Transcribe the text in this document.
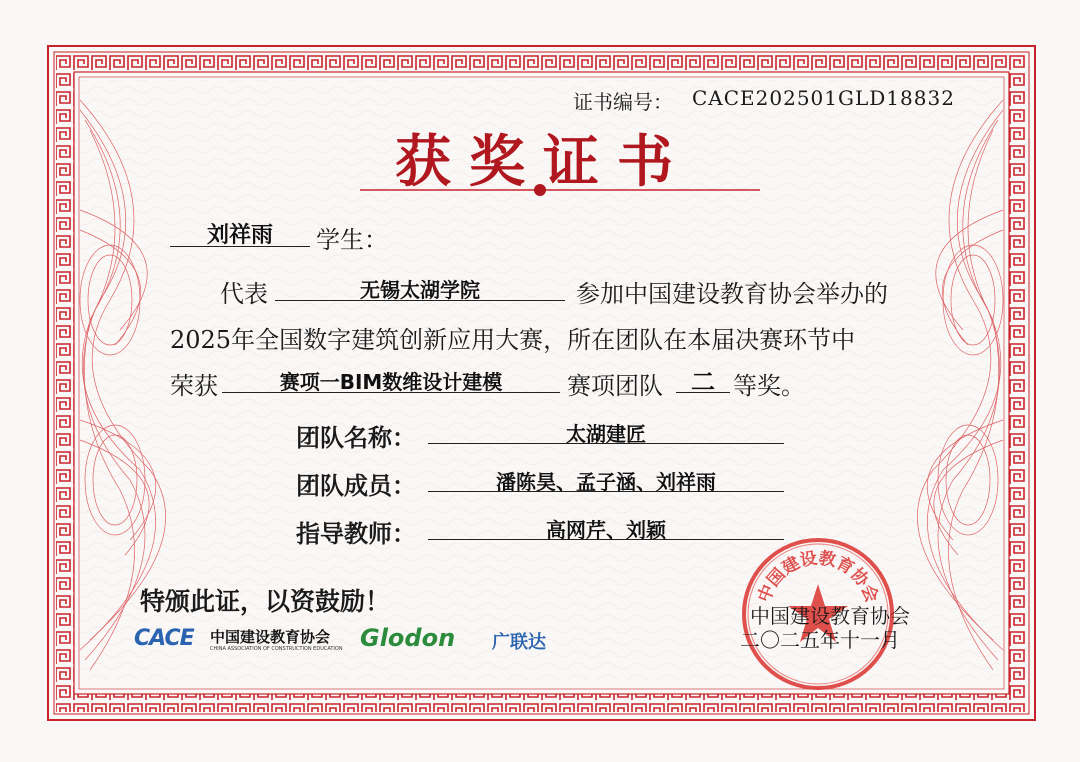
证书编号： CACE202501GLD18832
获奖证书
刘祥雨	学生：
代表	无锡太湖学院	参加中国建设教育协会举办的
2025年全国数字建筑创新应用大赛，所在团队在本届决赛环节中
荣获	赛项一BIM数维设计建模	赛项团队	二 等奖。
团队名称：	太湖建匠
团队成员：	潘陈昊、孟子涵、刘祥雨
指导教师：	高网芹、刘颖
特颁此证，以资鼓励！
CACE 中国建设教育协会
CHINA ASSOCIATION OF CONSTRUCTION EDUCATION Glodon 广联达
中国建设教育协会
中国建设教育协会
二〇二五年十一月
